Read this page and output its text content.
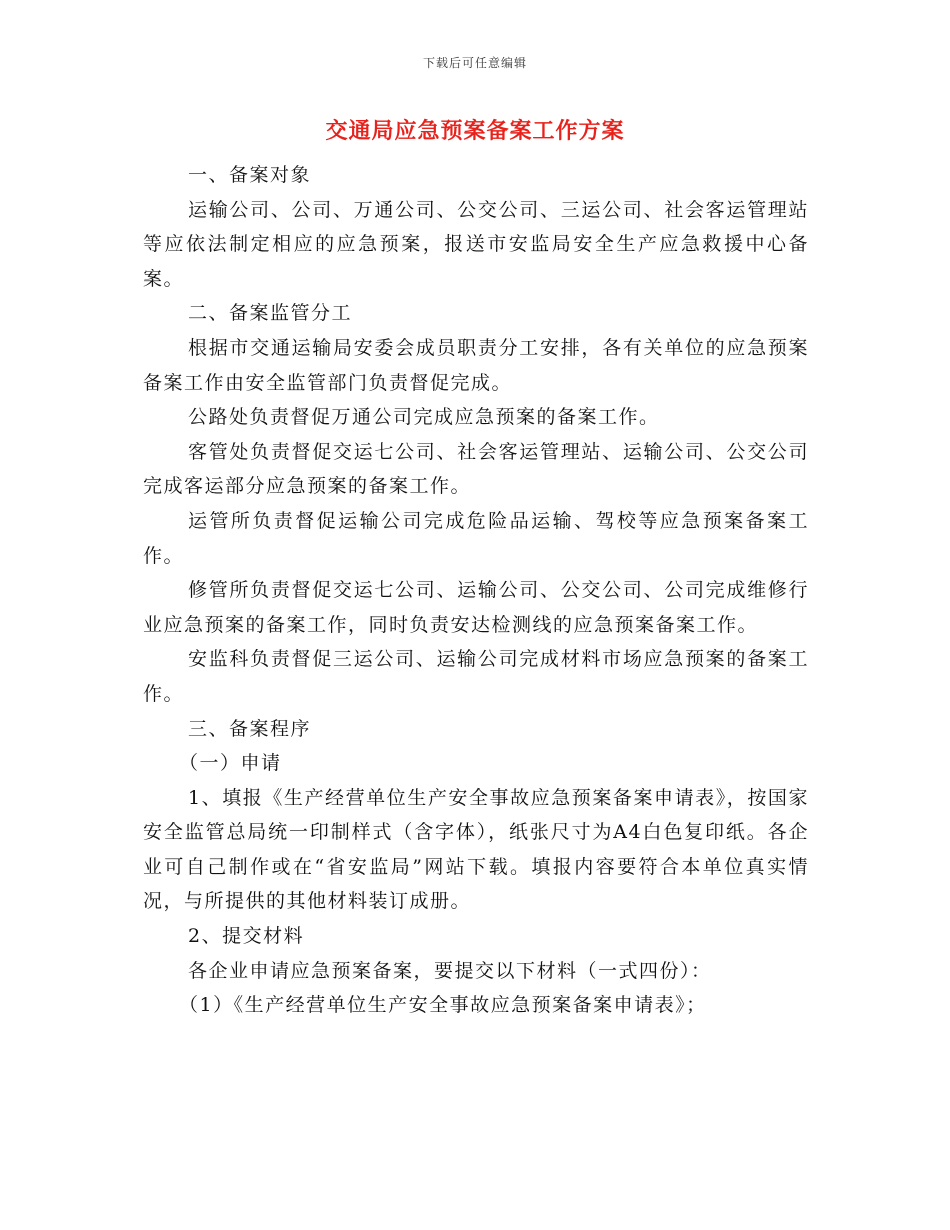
下载后可任意编辑
交通局应急预案备案工作方案

一、备案对象

运输公司、公司、万通公司、公交公司、三运公司、社会客运管理站等应依法制定相应的应急预案，报送市安监局安全生产应急救援中心备案。

二、备案监管分工

根据市交通运输局安委会成员职责分工安排，各有关单位的应急预案备案工作由安全监管部门负责督促完成。

公路处负责督促万通公司完成应急预案的备案工作。

客管处负责督促交运七公司、社会客运管理站、运输公司、公交公司完成客运部分应急预案的备案工作。

运管所负责督促运输公司完成危险品运输、驾校等应急预案备案工作。

修管所负责督促交运七公司、运输公司、公交公司、公司完成维修行业应急预案的备案工作，同时负责安达检测线的应急预案备案工作。

安监科负责督促三运公司、运输公司完成材料市场应急预案的备案工作。

三、备案程序

（一）申请

1、填报《生产经营单位生产安全事故应急预案备案申请表》，按国家安全监管总局统一印制样式（含字体），纸张尺寸为A4白色复印纸。各企业可自己制作或在“省安监局”网站下载。填报内容要符合本单位真实情况，与所提供的其他材料装订成册。

2、提交材料

各企业申请应急预案备案，要提交以下材料（一式四份）：

（1）《生产经营单位生产安全事故应急预案备案申请表》；
